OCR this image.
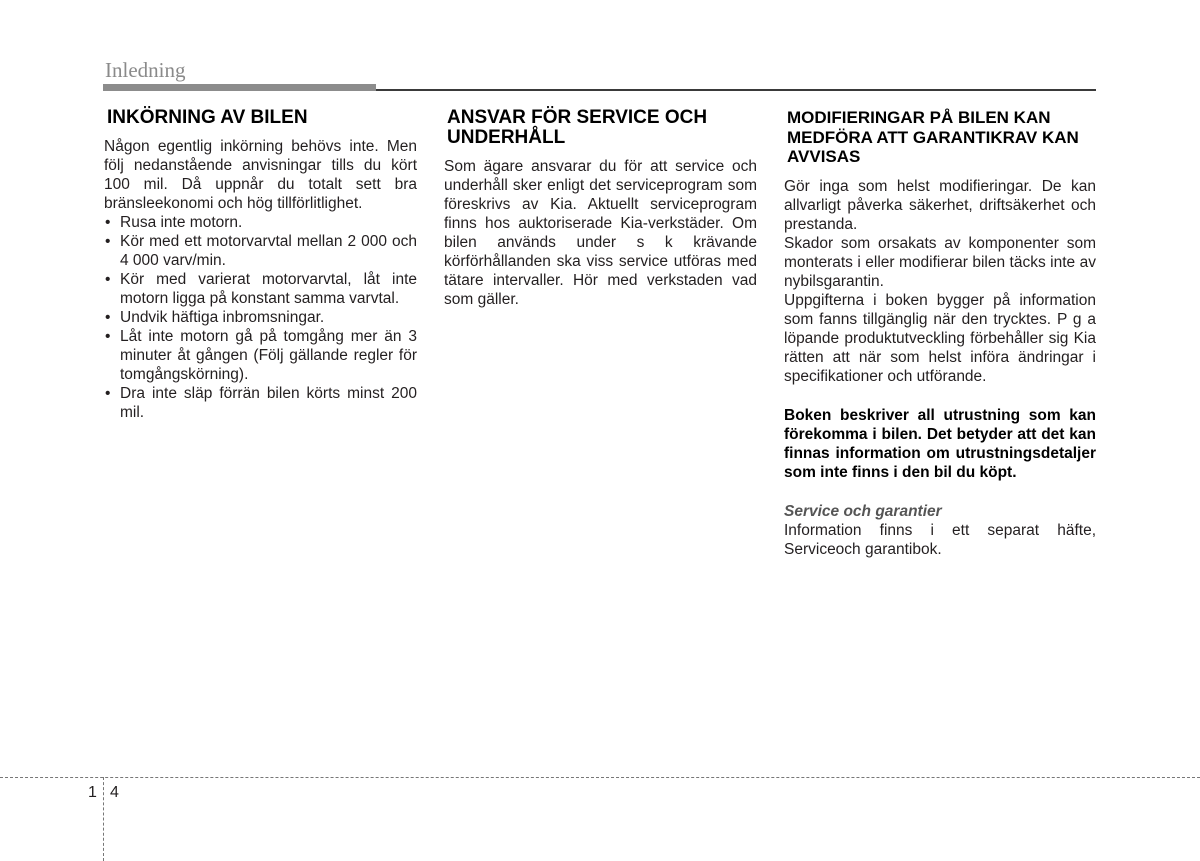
Inledning
INKÖRNING AV BILEN

Någon egentlig inkörning behövs inte. Men följ nedanstående anvisningar tills du kört 100 mil. Då uppnår du totalt sett bra bränsleekonomi och hög tillförlitlighet.

• Rusa inte motorn.
• Kör med ett motorvarvtal mellan 2 000 och 4 000 varv/min.
• Kör med varierat motorvarvtal, låt inte motorn ligga på konstant samma varvtal.
• Undvik häftiga inbromsningar.
• Låt inte motorn gå på tomgång mer än 3 minuter åt gången (Följ gällande regler för tomgångskörning).
• Dra inte släp förrän bilen körts minst 200 mil.
ANSVAR FÖR SERVICE OCH UNDERHÅLL

Som ägare ansvarar du för att service och underhåll sker enligt det serviceprogram som föreskrivs av Kia. Aktuellt serviceprogram finns hos auktoriserade Kia-verkstäder. Om bilen används under s k krävande körförhållanden ska viss service utföras med tätare intervaller. Hör med verkstaden vad som gäller.

MODIFIERINGAR PÅ BILEN KAN MEDFÖRA ATT GARANTIKRAV KAN AVVISAS

Gör inga som helst modifieringar. De kan allvarligt påverka säkerhet, driftsäkerhet och prestanda.

Skador som orsakats av komponenter som monterats i eller modifierar bilen täcks inte av nybilsgarantin.

Uppgifterna i boken bygger på information som fanns tillgänglig när den trycktes. P g a löpande produktutveckling förbehåller sig Kia rätten att när som helst införa ändringar i specifikationer och utförande.

Boken beskriver all utrustning som kan förekomma i bilen. Det betyder att det kan finnas information om utrustningsdetaljer som inte finns i den bil du köpt.

Service och garantier

Information finns i ett separat häfte, Serviceoch garantibok.

1 4
